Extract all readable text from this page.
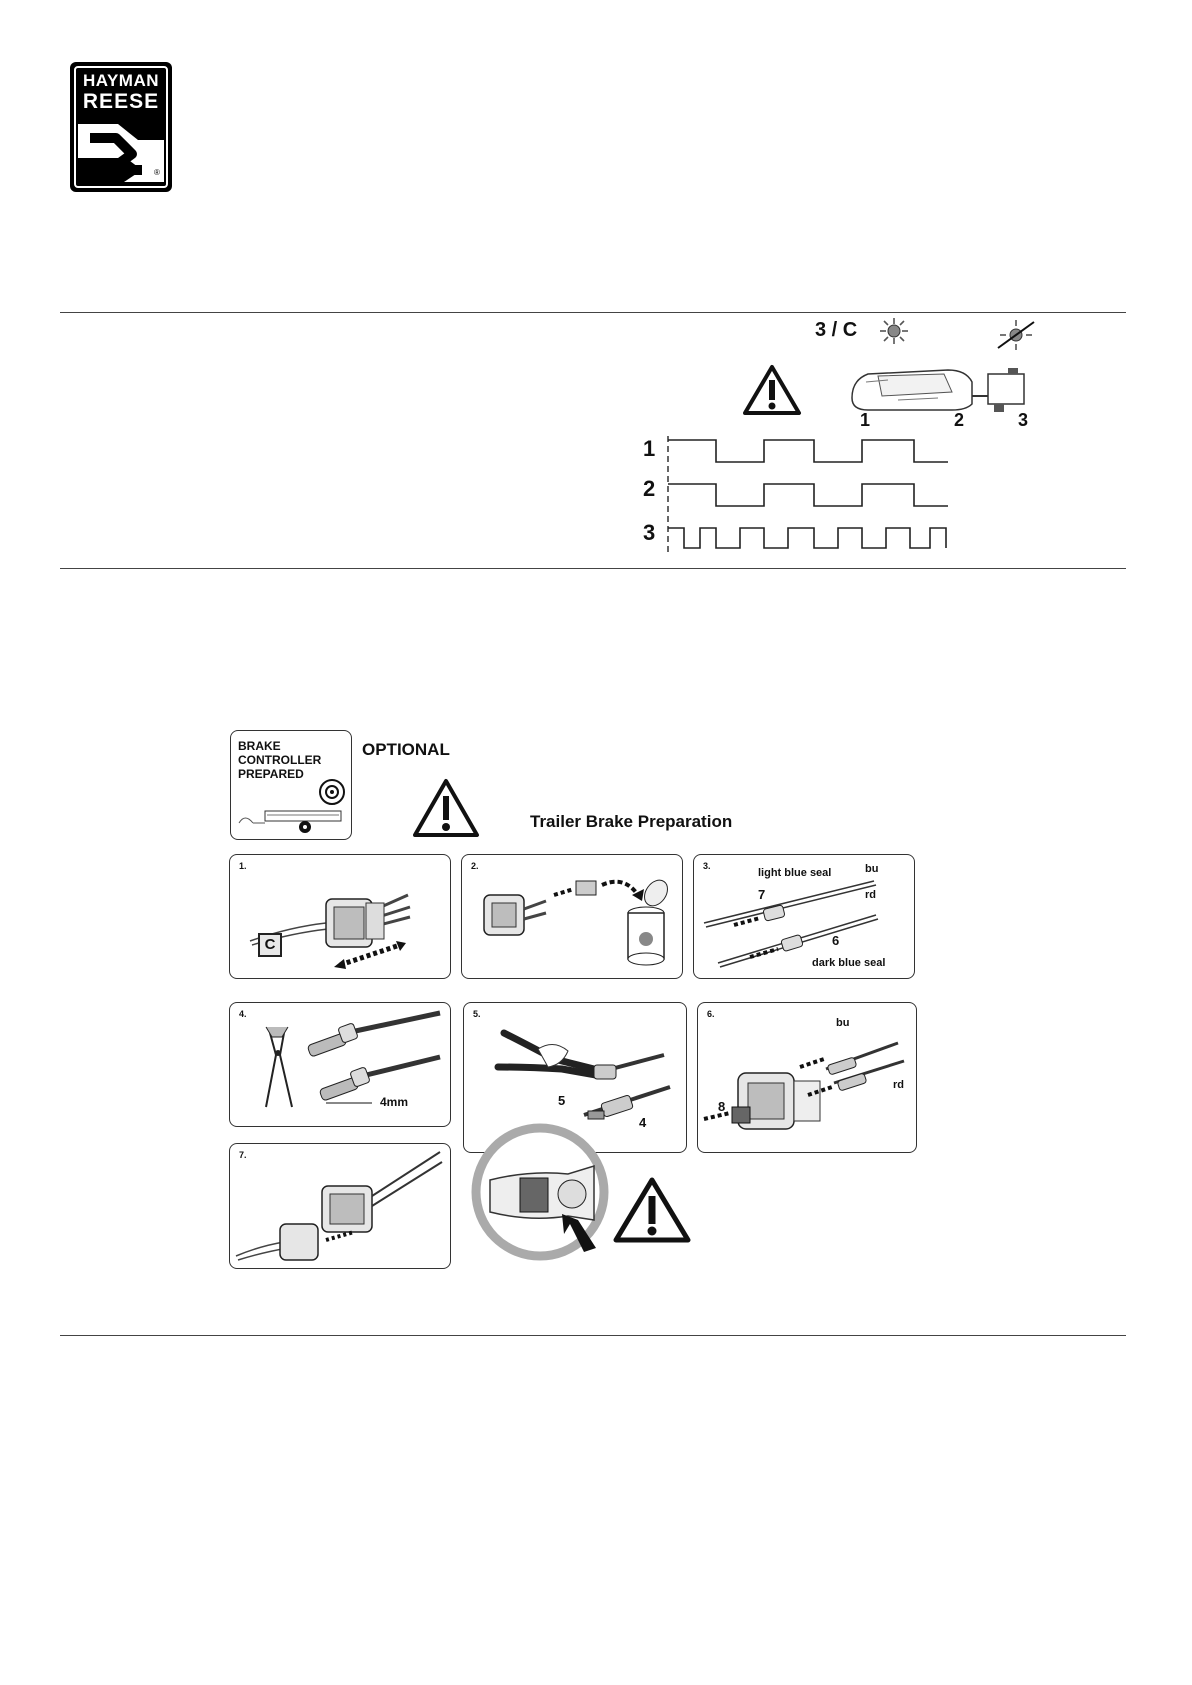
HAYMAN
REESE
®
3 / C
1	2	3
1
2
3
BRAKE
CONTROLLER
PREPARED
OPTIONAL
Trailer Brake Preparation
1.
C
2.	3.
light blue seal	bu
7	rd
6
dark blue seal
4.
4mm
5.
5
4
6.
bu
rd
8
7.
